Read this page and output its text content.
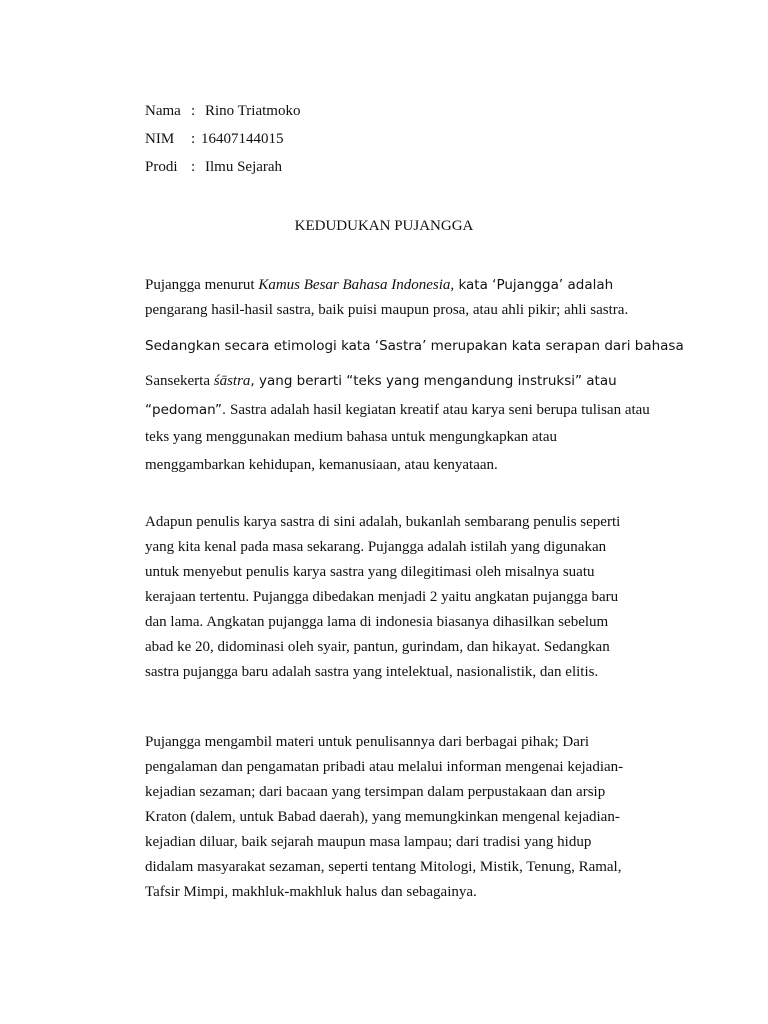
Nama : Rino Triatmoko
NIM : 16407144015
Prodi : Ilmu Sejarah
KEDUDUKAN PUJANGGA
Pujangga menurut Kamus Besar Bahasa Indonesia, kata ‘Pujangga’ adalah
pengarang hasil-hasil sastra, baik puisi maupun prosa, atau ahli pikir; ahli sastra.
Sedangkan secara etimologi kata ‘Sastra’ merupakan kata serapan dari bahasa
Sansekerta śāstra, yang berarti “teks yang mengandung instruksi” atau
“pedoman”. Sastra adalah hasil kegiatan kreatif atau karya seni berupa tulisan atau
teks yang menggunakan medium bahasa untuk mengungkapkan atau
menggambarkan kehidupan, kemanusiaan, atau kenyataan.
Adapun penulis karya sastra di sini adalah, bukanlah sembarang penulis seperti
yang kita kenal pada masa sekarang. Pujangga adalah istilah yang digunakan
untuk menyebut penulis karya sastra yang dilegitimasi oleh misalnya suatu
kerajaan tertentu. Pujangga dibedakan menjadi 2 yaitu angkatan pujangga baru
dan lama. Angkatan pujangga lama di indonesia biasanya dihasilkan sebelum
abad ke 20, didominasi oleh syair, pantun, gurindam, dan hikayat. Sedangkan
sastra pujangga baru adalah sastra yang intelektual, nasionalistik, dan elitis.
Pujangga mengambil materi untuk penulisannya dari berbagai pihak; Dari
pengalaman dan pengamatan pribadi atau melalui informan mengenai kejadian-
kejadian sezaman; dari bacaan yang tersimpan dalam perpustakaan dan arsip
Kraton (dalem, untuk Babad daerah), yang memungkinkan mengenal kejadian-
kejadian diluar, baik sejarah maupun masa lampau; dari tradisi yang hidup
didalam masyarakat sezaman, seperti tentang Mitologi, Mistik, Tenung, Ramal,
Tafsir Mimpi, makhluk-makhluk halus dan sebagainya.
